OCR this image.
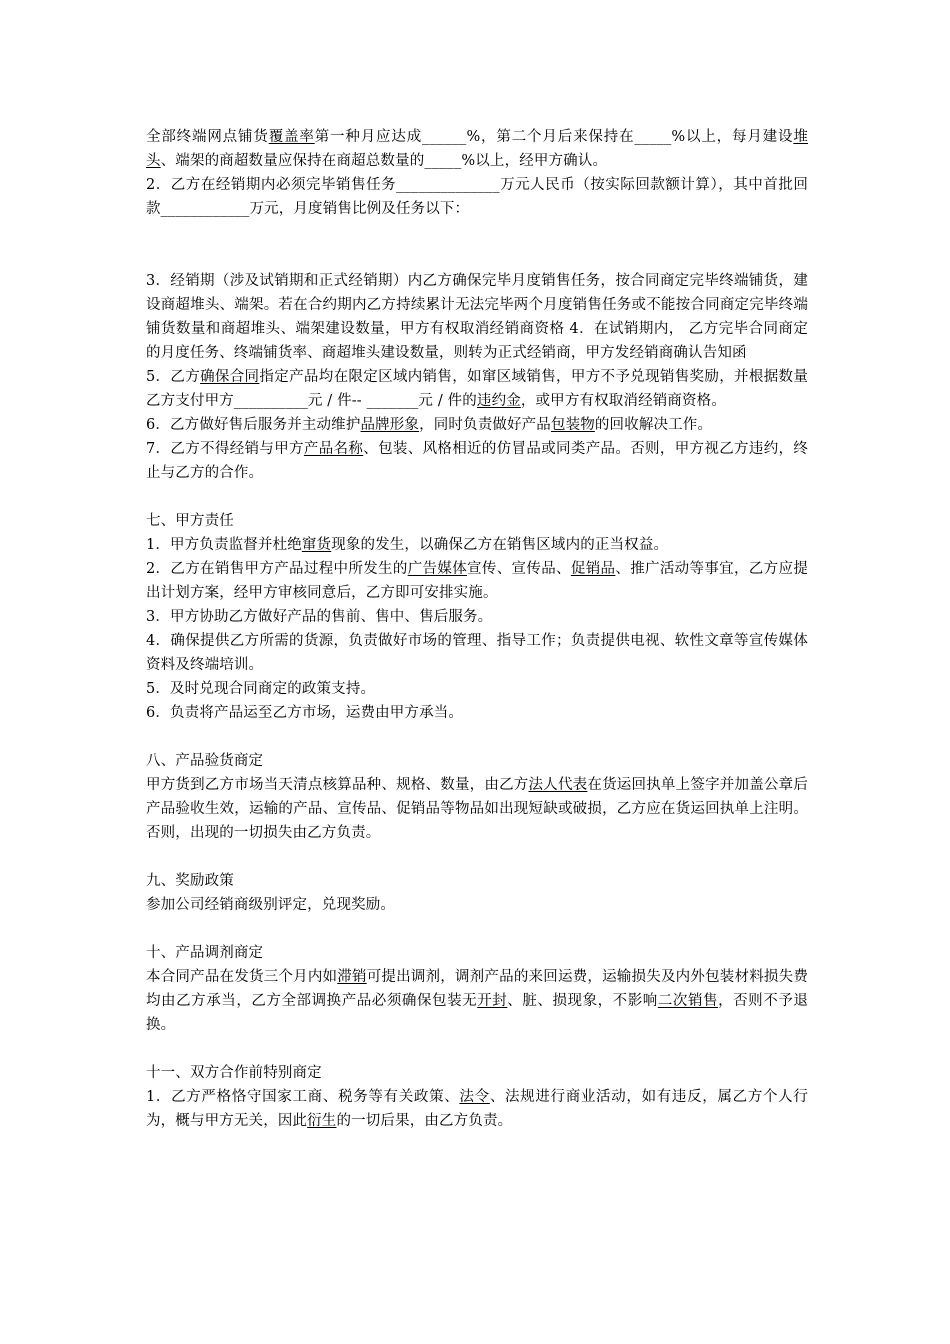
全部终端网点铺货覆盖率第一种月应达成______%，第二个月后来保持在_____%以上，每月建设堆头、端架的商超数量应保持在商超总数量的_____%以上，经甲方确认。

2．乙方在经销期内必须完毕销售任务______________万元人民币（按实际回款额计算），其中首批回款____________万元，月度销售比例及任务以下：

3．经销期（涉及试销期和正式经销期）内乙方确保完毕月度销售任务，按合同商定完毕终端铺货，建设商超堆头、端架。若在合约期内乙方持续累计无法完毕两个月度销售任务或不能按合同商定完毕终端铺货数量和商超堆头、端架建设数量，甲方有权取消经销商资格 4．在试销期内， 乙方完毕合同商定的月度任务、终端铺货率、商超堆头建设数量，则转为正式经销商，甲方发经销商确认告知函

5．乙方确保合同指定产品均在限定区域内销售，如窜区域销售，甲方不予兑现销售奖励，并根据数量乙方支付甲方__________元 / 件-- _______元 / 件的违约金，或甲方有权取消经销商资格。

6．乙方做好售后服务并主动维护品牌形象，同时负责做好产品包装物的回收解决工作。

7．乙方不得经销与甲方产品名称、包装、风格相近的仿冒品或同类产品。否则，甲方视乙方违约，终止与乙方的合作。

七、甲方责任

1．甲方负责监督并杜绝窜货现象的发生，以确保乙方在销售区域内的正当权益。

2．乙方在销售甲方产品过程中所发生的广告媒体宣传、宣传品、促销品、推广活动等事宜，乙方应提出计划方案，经甲方审核同意后，乙方即可安排实施。

3．甲方协助乙方做好产品的售前、售中、售后服务。

4．确保提供乙方所需的货源，负责做好市场的管理、指导工作；负责提供电视、软性文章等宣传媒体资料及终端培训。

5．及时兑现合同商定的政策支持。

6．负责将产品运至乙方市场，运费由甲方承当。

八、产品验货商定

甲方货到乙方市场当天清点核算品种、规格、数量，由乙方法人代表在货运回执单上签字并加盖公章后产品验收生效，运输的产品、宣传品、促销品等物品如出现短缺或破损，乙方应在货运回执单上注明。否则，出现的一切损失由乙方负责。

九、奖励政策

参加公司经销商级别评定，兑现奖励。

十、产品调剂商定

本合同产品在发货三个月内如滞销可提出调剂，调剂产品的来回运费，运输损失及内外包装材料损失费均由乙方承当，乙方全部调换产品必须确保包装无开封、脏、损现象，不影响二次销售，否则不予退换。

十一、双方合作前特别商定

1．乙方严格恪守国家工商、税务等有关政策、法令、法规进行商业活动，如有违反，属乙方个人行为，概与甲方无关，因此衍生的一切后果，由乙方负责。
